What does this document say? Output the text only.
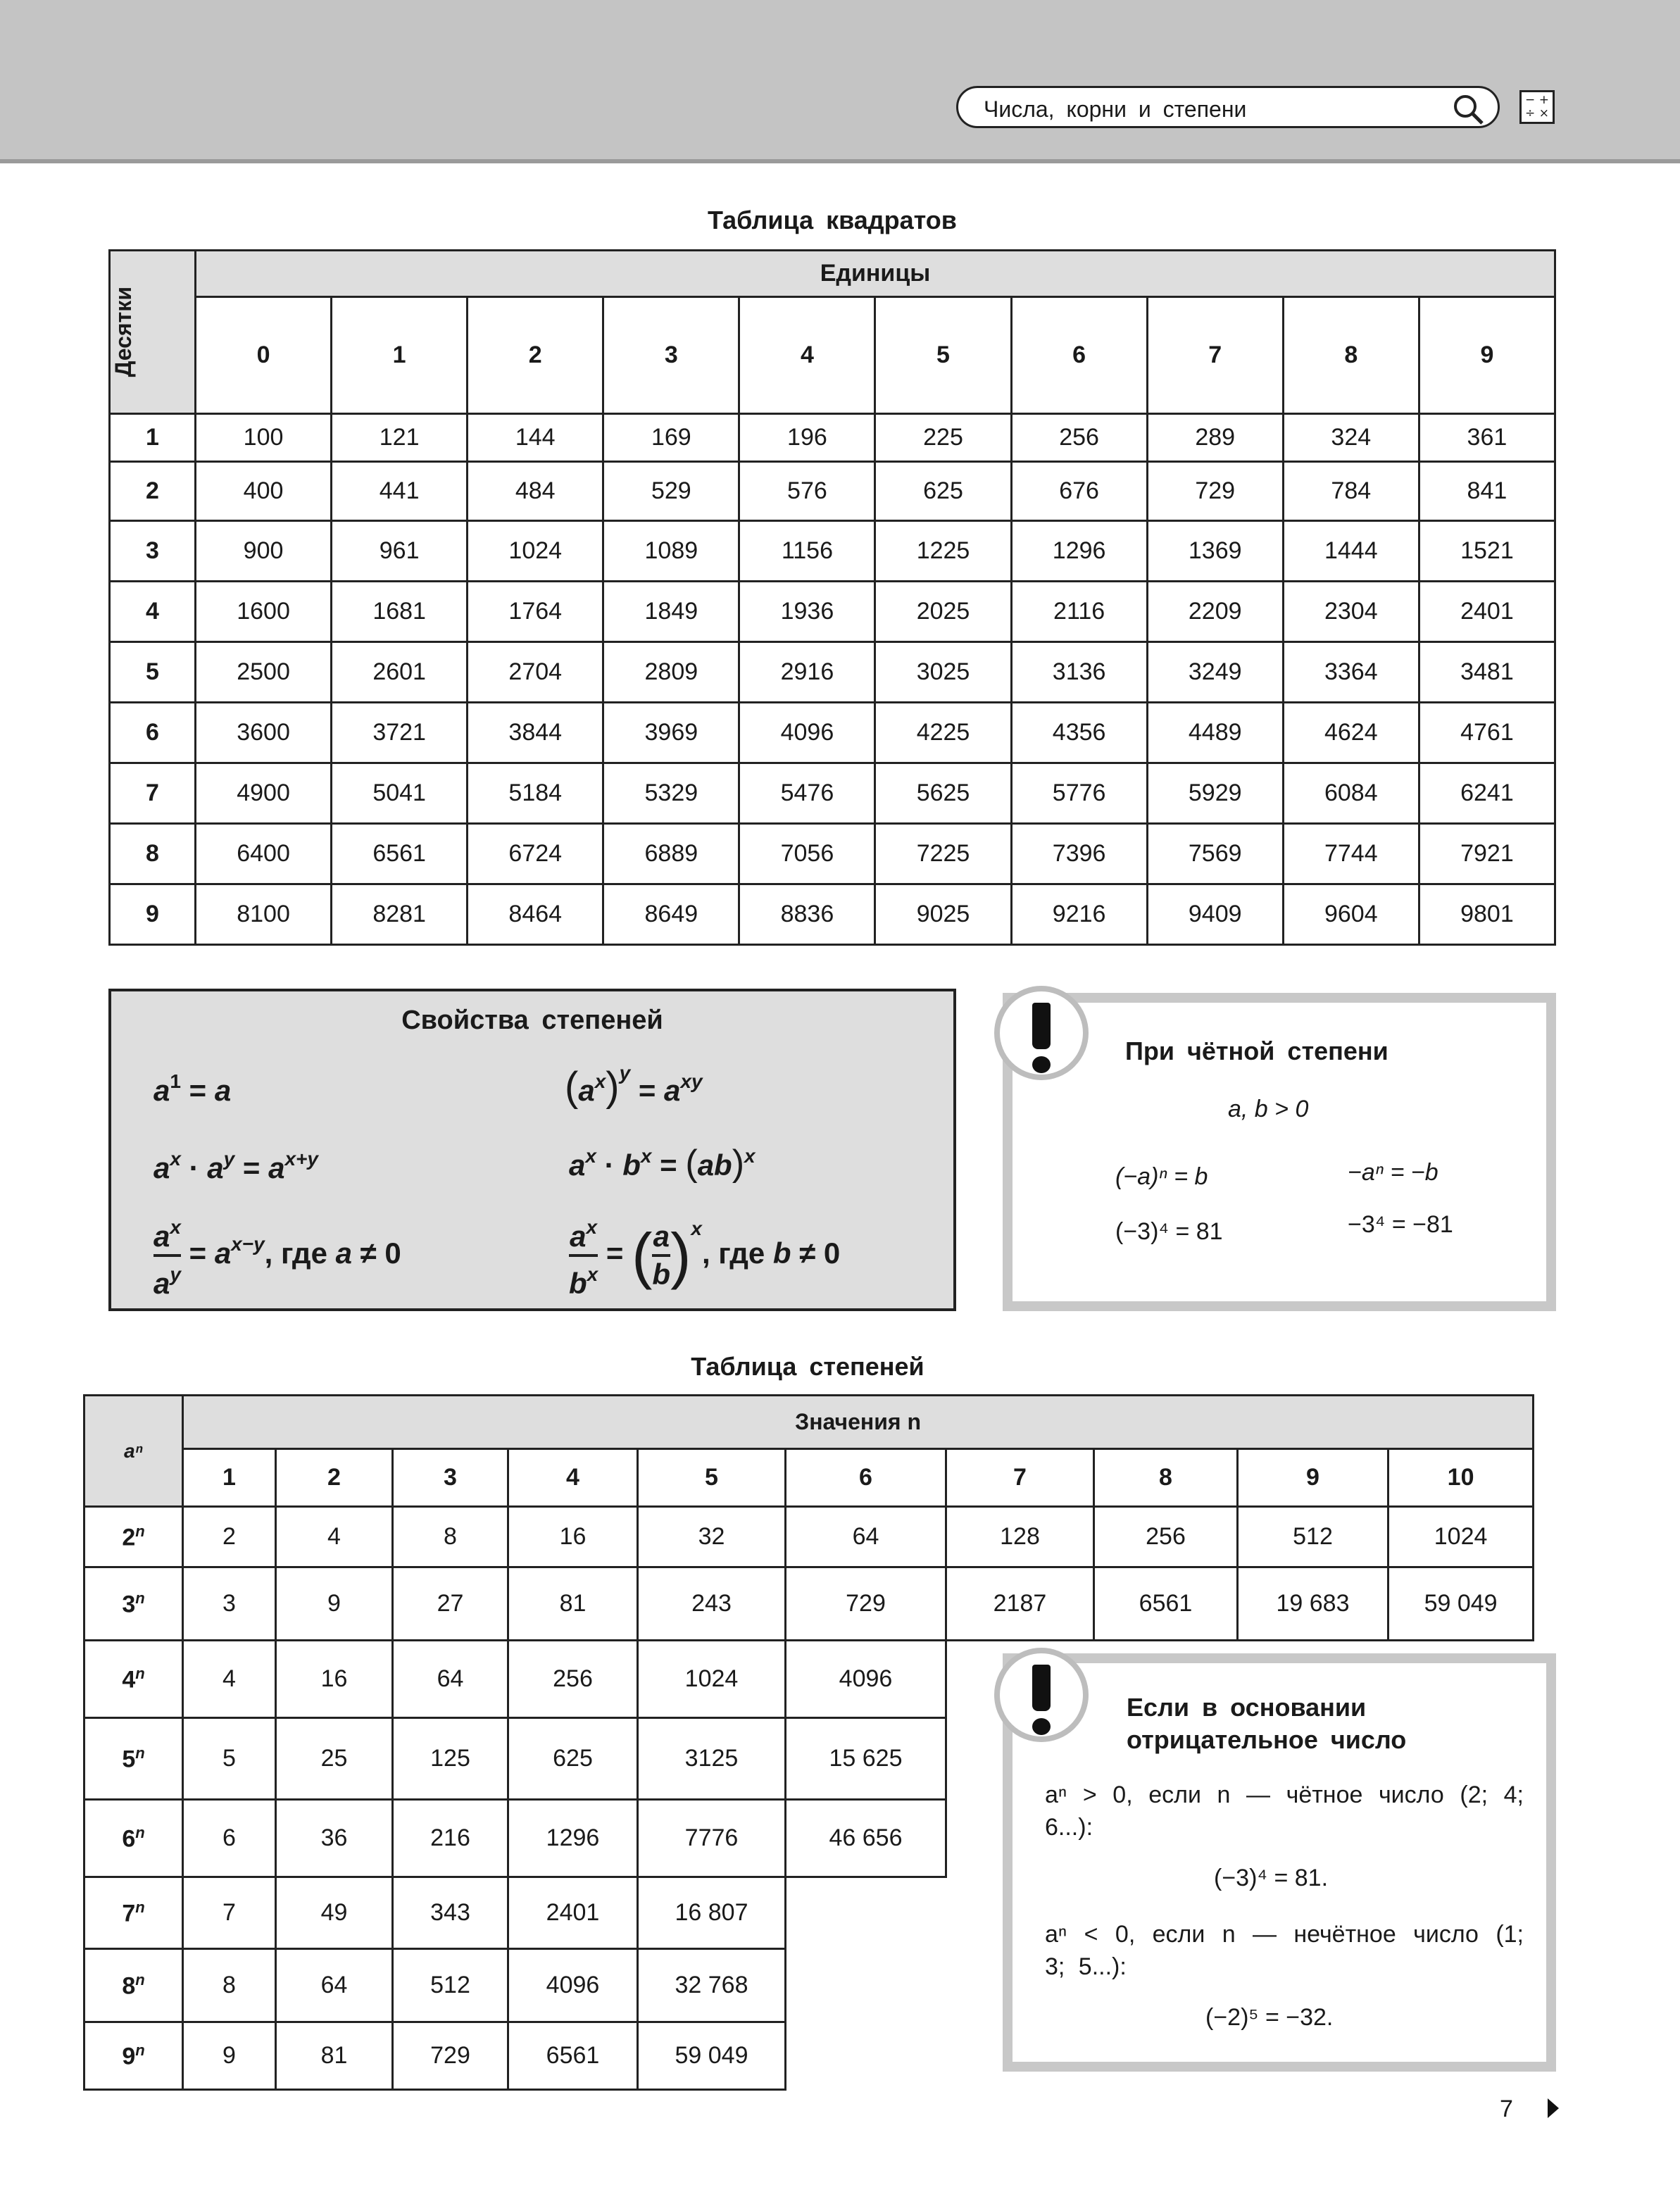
Числа, корни и степени	− +
÷ ×
Таблица квадратов
Десятки	Единицы									
	0	1	2	3	4	5	6	7	8	9
1	100	121	144	169	196	225	256	289	324	361
2	400	441	484	529	576	625	676	729	784	841
3	900	961	1024	1089	1156	1225	1296	1369	1444	1521
4	1600	1681	1764	1849	1936	2025	2116	2209	2304	2401
5	2500	2601	2704	2809	2916	3025	3136	3249	3364	3481
6	3600	3721	3844	3969	4096	4225	4356	4489	4624	4761
7	4900	5041	5184	5329	5476	5625	5776	5929	6084	6241
8	6400	6561	6724	6889	7056	7225	7396	7569	7744	7921
9	8100	8281	8464	8649	8836	9025	9216	9409	9604	9801
Свойства степеней
$a^1 = a$	$(a^x)^y = a^{xy}$
$a^x \cdot a^y = a^{x+y}$	$a^x \cdot b^x = (ab)^x$
$\frac{a^x}{a^y} = a^{x-y}$, где a ≠ 0	$\frac{a^x}{b^x}$ = ( $\frac{a}{b} )^x$, где b ≠ 0
При чётной степени
a, b > 0
(−a)ⁿ = b	−aⁿ = −b
(−3)⁴ = 81	−3⁴ = −81
Таблица степеней
aⁿ	Значения n									
	1	2	3	4	5	6	7	8	9	10
2$^n$	2	4	8	16	32	64	128	256	512	1024
3$^n$	3	9	27	81	243	729	2187	6561	19 683	59 049
4$^n$	4	16	64	256	1024	4096				
5$^n$	5	25	125	625	3125	15 625				
6$^n$	6	36	216	1296	7776	46 656				
7$^n$	7	49	343	2401	16 807					
8$^n$	8	64	512	4096	32 768					
9$^n$	9	81	729	6561	59 049					
Если в основании отрицательное число
aⁿ > 0, если n — чётное число (2; 4; 6...):
(−3)⁴ = 81.
aⁿ < 0, если n — нечётное число (1; 3; 5...):
(−2)⁵ = −32.
7
